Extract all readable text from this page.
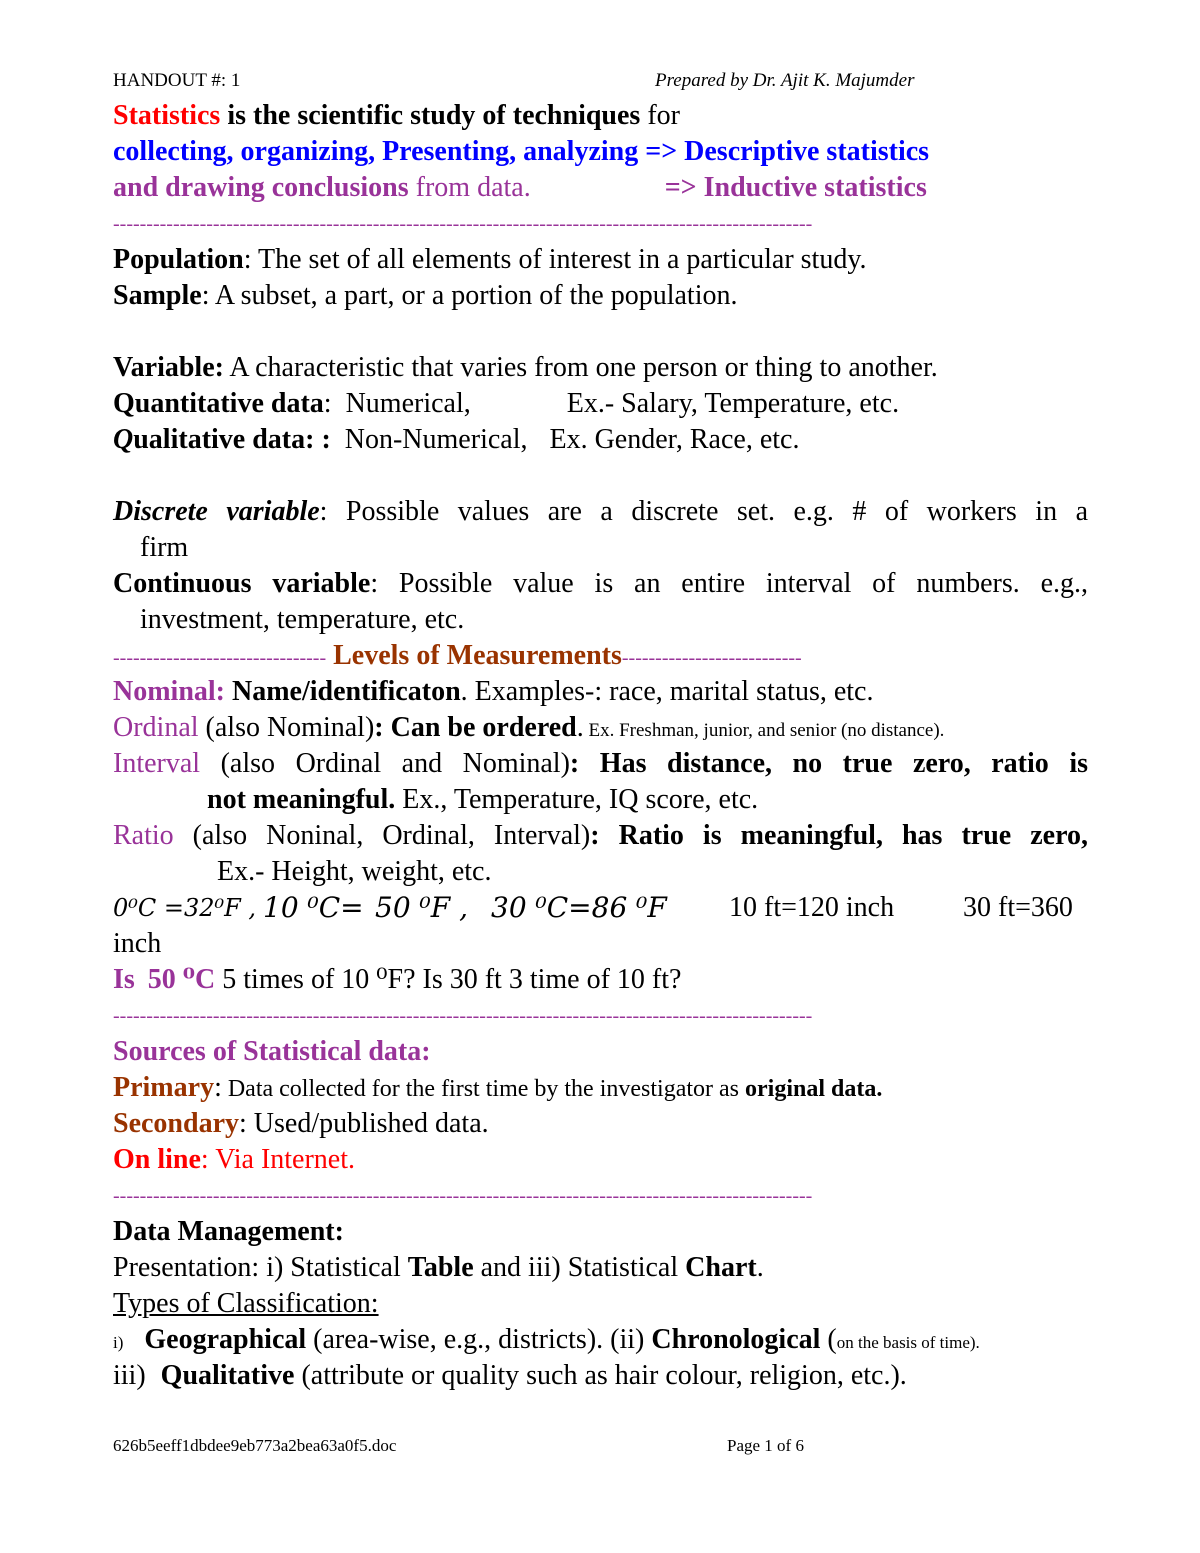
HANDOUT #: 1	Prepared by Dr. Ajit K. Majumder
Statistics is the scientific study of techniques for
collecting, organizing, Presenting, analyzing => Descriptive statistics
and drawing conclusions from data.	=> Inductive statistics
---------------------------------------------------------------------------------------------------------
Population: The set of all elements of interest in a particular study.
Sample: A subset, a part, or a portion of the population.
Variable: A characteristic that varies from one person or thing to another.
Quantitative data: Numerical,	Ex.- Salary, Temperature, etc.
Qualitative data: : Non-Numerical, Ex. Gender, Race, etc.
Discrete variable: Possible values are a discrete set. e.g. # of workers in a
firm
Continuous variable: Possible value is an entire interval of numbers. e.g.,
investment, temperature, etc.
-------------------------------- Levels of Measurements---------------------------
Nominal: Name/identificaton. Examples-: race, marital status, etc.
Ordinal (also Nominal): Can be ordered. Ex. Freshman, junior, and senior (no distance).
Interval (also Ordinal and Nominal): Has distance, no true zero, ratio is
not meaningful. Ex., Temperature, IQ score, etc.
Ratio (also Noninal, Ordinal, Interval): Ratio is meaningful, has true zero,
Ex.- Height, weight, etc.
0⁰C =32⁰F , 10 ⁰C= 50 ⁰F , 30 ⁰C=86 ⁰F 10 ft=120 inch 30 ft=360
inch
Is 50 ⁰C 5 times of 10 ⁰F? Is 30 ft 3 time of 10 ft?
---------------------------------------------------------------------------------------------------------
Sources of Statistical data:
Primary: Data collected for the first time by the investigator as original data.
Secondary: Used/published data.
On line: Via Internet.
---------------------------------------------------------------------------------------------------------
Data Management:
Presentation: i) Statistical Table and iii) Statistical Chart.
Types of Classification:
i) Geographical (area-wise, e.g., districts). (ii) Chronological (on the basis of time).
iii) Qualitative (attribute or quality such as hair colour, religion, etc.).
626b5eeff1dbdee9eb773a2bea63a0f5.doc	Page 1 of 6
